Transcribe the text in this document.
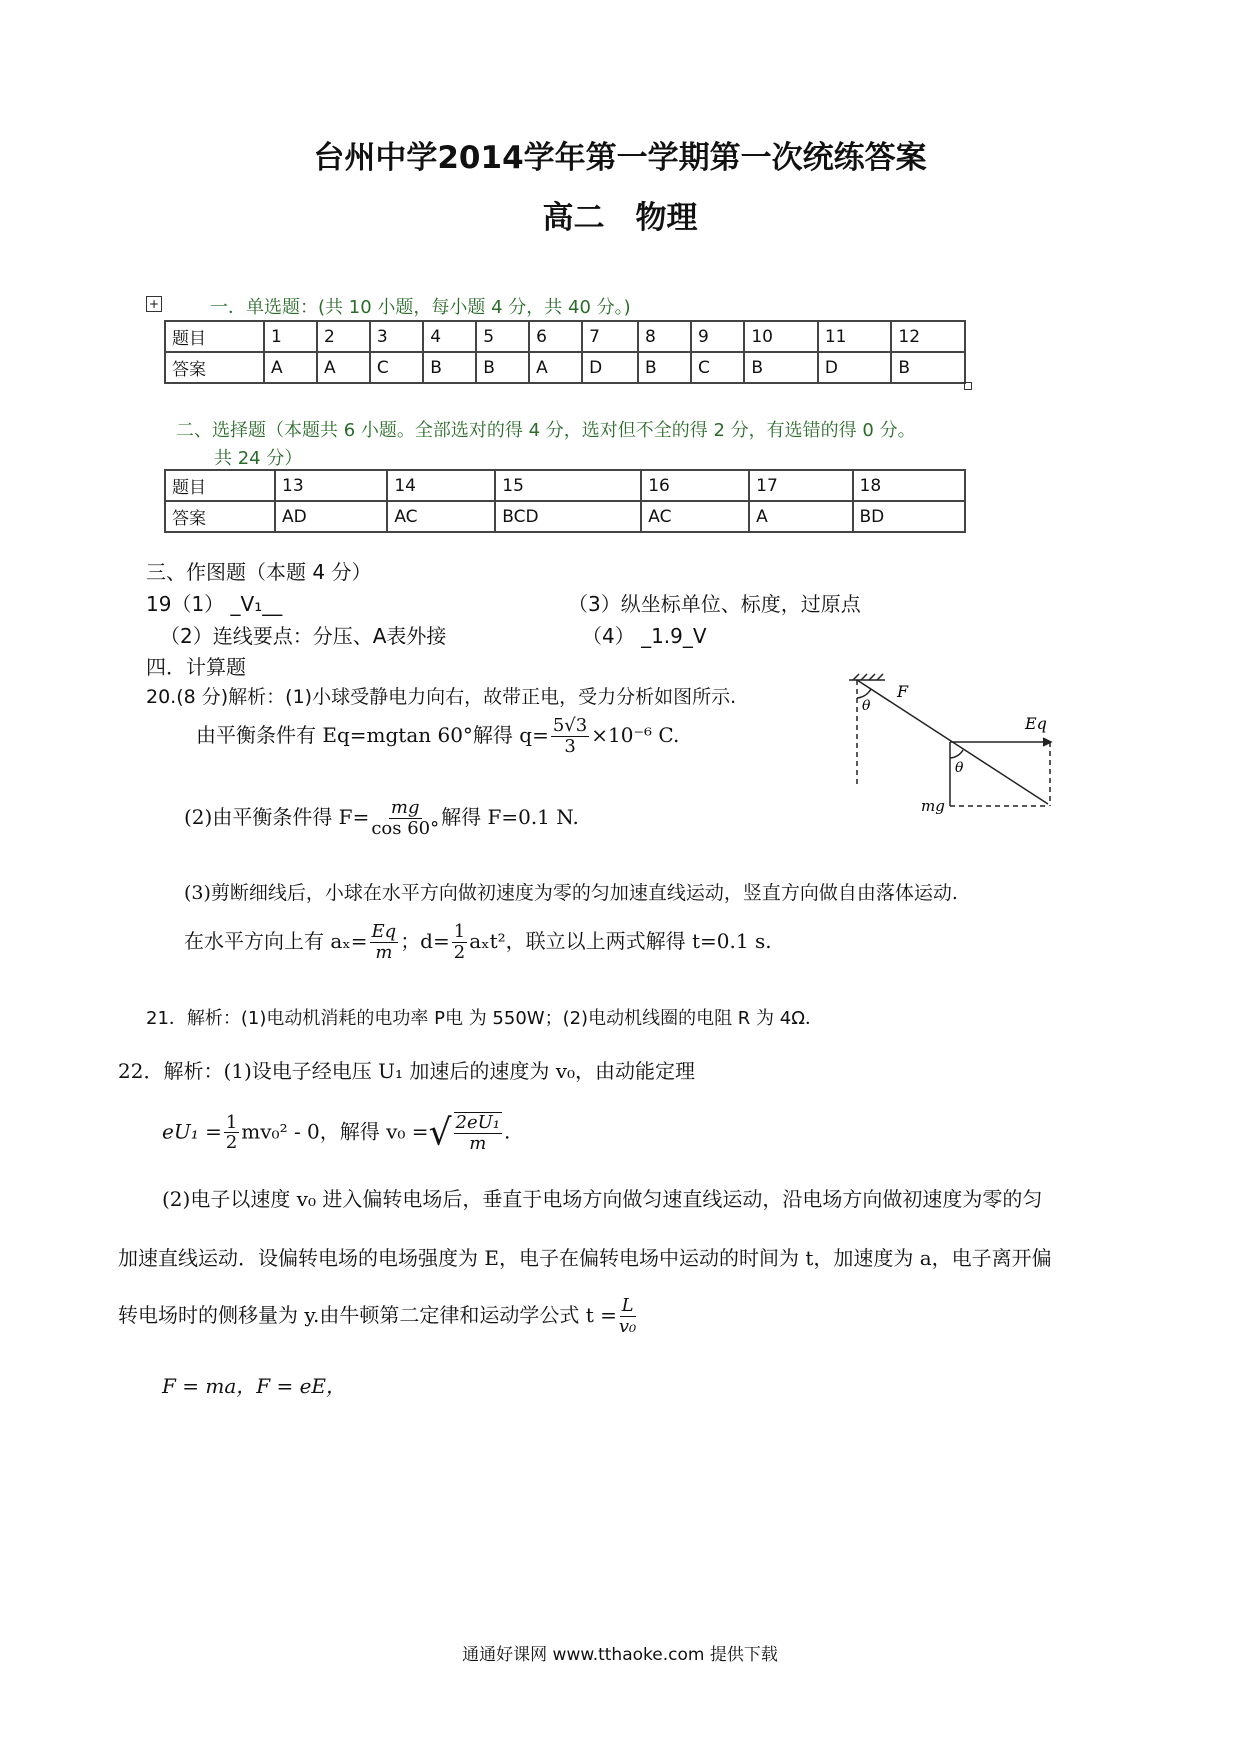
台州中学2014学年第一学期第一次统练答案
高二　物理
+	一．单选题：(共 10 小题，每小题 4 分，共 40 分。)
题目	1	2	3	4	5	6	7	8	9	10	11	12
答案	A	A	C	B	B	A	D	B	C	B	D	B
二、选择题（本题共 6 小题。全部选对的得 4 分，选对但不全的得 2 分，有选错的得 0 分。
共 24 分）
题目	13	14	15	16	17	18
答案	AD	AC	BCD	AC	A	BD
三、作图题（本题 4 分）
19（1） _V₁__	（3）纵坐标单位、标度，过原点
（2）连线要点：分压、A表外接	（4） _1.9_V
四．计算题
20.(8 分)解析：(1)小球受静电力向右，故带正电，受力分析如图所示.
由平衡条件有 Eq=mgtan 60°解得 $q= \frac{5√3}{3} \times 10^{-6}$ C.
(2)由平衡条件得 $F= \frac{mg}{\cos 60^\circ}$ 解得 F=0.1 N.
(3)剪断细线后，小球在水平方向做初速度为零的匀加速直线运动，竖直方向做自由落体运动.
在水平方向上有 $a_x= \frac{Eq}{m}$ ；$d= \frac{1}{2} a_xt^2$，联立以上两式解得 t=0.1 s.
F
Eq
mg
θ
θ
21．解析：(1)电动机消耗的电功率 P电 为 550W；(2)电动机线圈的电阻 R 为 4Ω．
22．解析：(1)设电子经电压 U₁ 加速后的速度为 v₀，由动能定理
$eU_1 = \frac{1}{2} mv_0^2 - 0$，解得 v₀ =√ $\frac{\text{2eU₁}}{m}$ .
(2)电子以速度 v₀ 进入偏转电场后，垂直于电场方向做匀速直线运动，沿电场方向做初速度为零的匀
加速直线运动．设偏转电场的电场强度为 E，电子在偏转电场中运动的时间为 t，加速度为 a，电子离开偏
转电场时的侧移量为 y.由牛顿第二定律和运动学公式 $t = \frac{L}{\text{v₀}}$
F = ma，F = eE，
通通好课网 www.tthaoke.com 提供下载
